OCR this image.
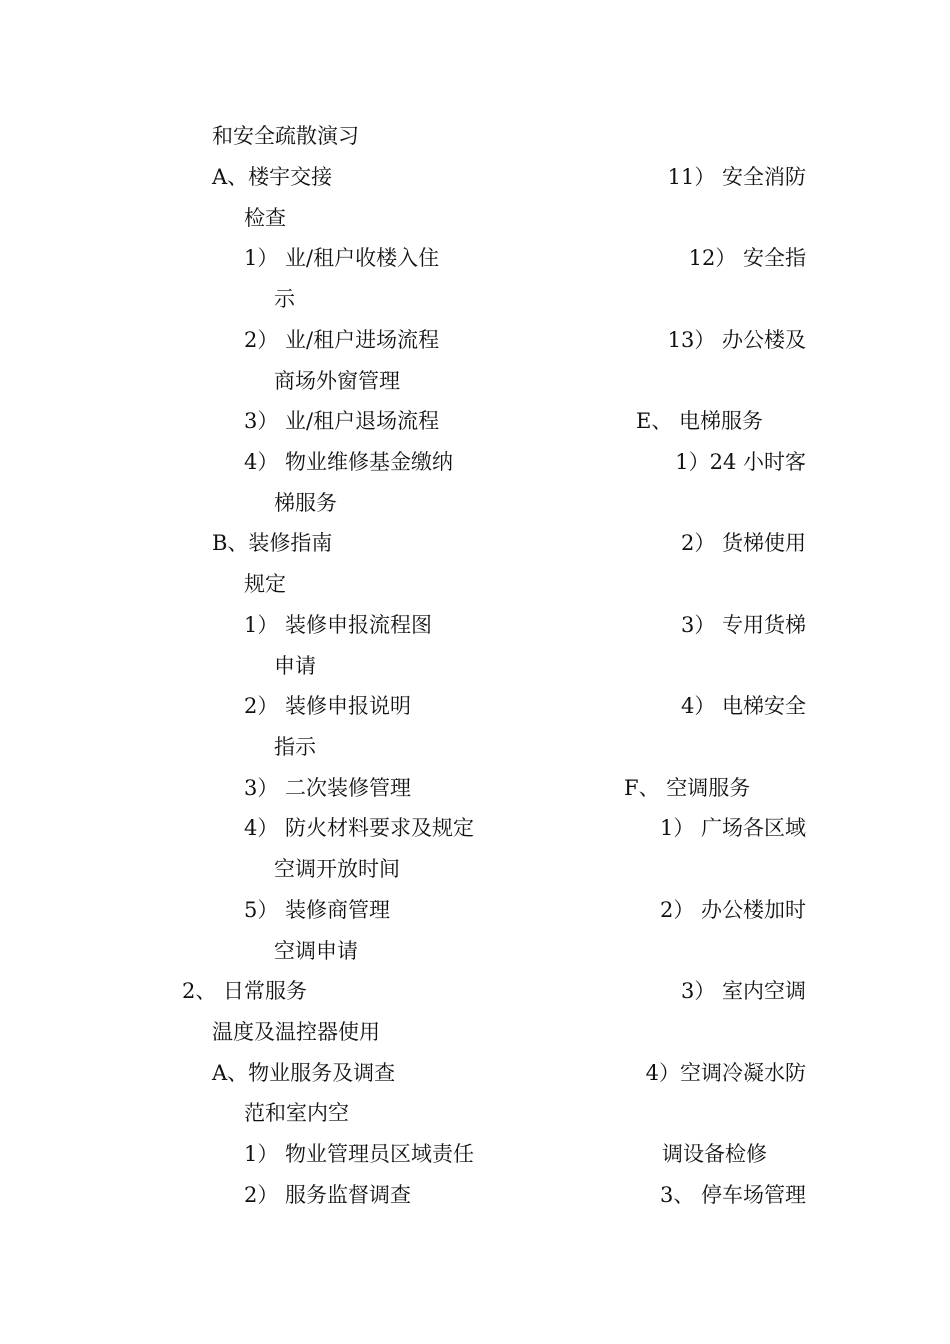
和安全疏散演习
A、楼宇交接
检查
1） 业/租户收楼入住
示
2） 业/租户进场流程
商场外窗管理
3） 业/租户退场流程
4） 物业维修基金缴纳
梯服务
B、装修指南
规定
1） 装修申报流程图
申请
2） 装修申报说明
指示
3） 二次装修管理
4） 防火材料要求及规定
空调开放时间
5） 装修商管理
空调申请
2、 日常服务
温度及温控器使用
A、物业服务及调查
范和室内空
1） 物业管理员区域责任
2） 服务监督调查
11） 安全消防
12） 安全指
13） 办公楼及
E、 电梯服务
1）24 小时客
2） 货梯使用
3） 专用货梯
4） 电梯安全
F、 空调服务
1） 广场各区域
2） 办公楼加时
3） 室内空调
4）空调冷凝水防
调设备检修
3、 停车场管理
